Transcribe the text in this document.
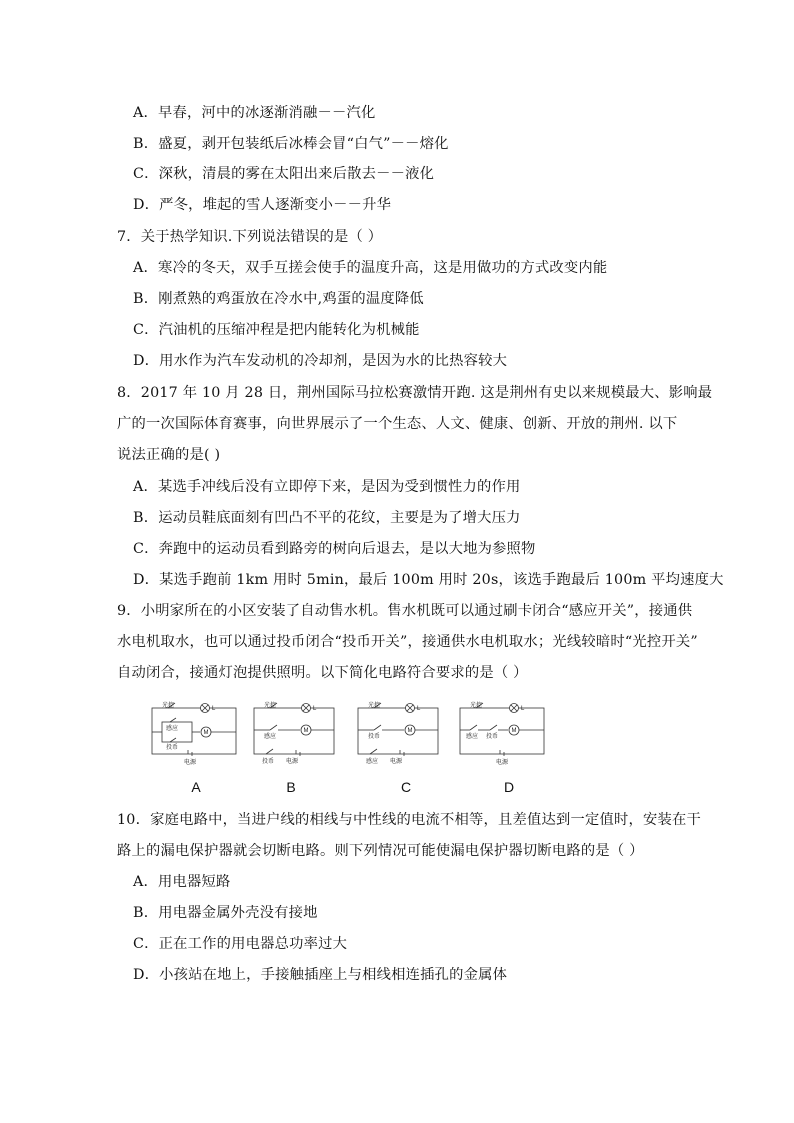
A．早春，河中的冰逐渐消融－－汽化
B．盛夏，剥开包装纸后冰棒会冒“白气”－－熔化
C．深秋，清晨的雾在太阳出来后散去－－液化
D．严冬，堆起的雪人逐渐变小－－升华
7．关于热学知识.下列说法错误的是（ ）
A．寒冷的冬天，双手互搓会使手的温度升高，这是用做功的方式改变内能
B．刚煮熟的鸡蛋放在冷水中,鸡蛋的温度降低
C．汽油机的压缩冲程是把内能转化为机械能
D．用水作为汽车发动机的冷却剂，是因为水的比热容较大
8．2017 年 10 月 28 日，荆州国际马拉松赛激情开跑. 这是荆州有史以来规模最大、影响最
广的一次国际体育赛事，向世界展示了一个生态、人文、健康、创新、开放的荆州. 以下
说法正确的是( )
A．某选手冲线后没有立即停下来，是因为受到惯性力的作用
B．运动员鞋底面刻有凹凸不平的花纹，主要是为了增大压力
C．奔跑中的运动员看到路旁的树向后退去，是以大地为参照物
D．某选手跑前 1km 用时 5min，最后 100m 用时 20s，该选手跑最后 100m 平均速度大
9．小明家所在的小区安装了自动售水机。售水机既可以通过刷卡闭合“感应开关”，接通供
水电机取水，也可以通过投币闭合“投币开关”，接通供水电机取水；光线较暗时“光控开关”
自动闭合，接通灯泡提供照明。以下简化电路符合要求的是（ ）
光控	L
感应
投币
M
电源
光控	L
感应
M
投币 电源
光控	L
投币
M
感应 电源
光控	L
感应 投币
M
电源
A	B	C	D
10．家庭电路中，当进户线的相线与中性线的电流不相等，且差值达到一定值时，安装在干
路上的漏电保护器就会切断电路。则下列情况可能使漏电保护器切断电路的是（ ）
A．用电器短路
B．用电器金属外壳没有接地
C．正在工作的用电器总功率过大
D．小孩站在地上，手接触插座上与相线相连插孔的金属体
